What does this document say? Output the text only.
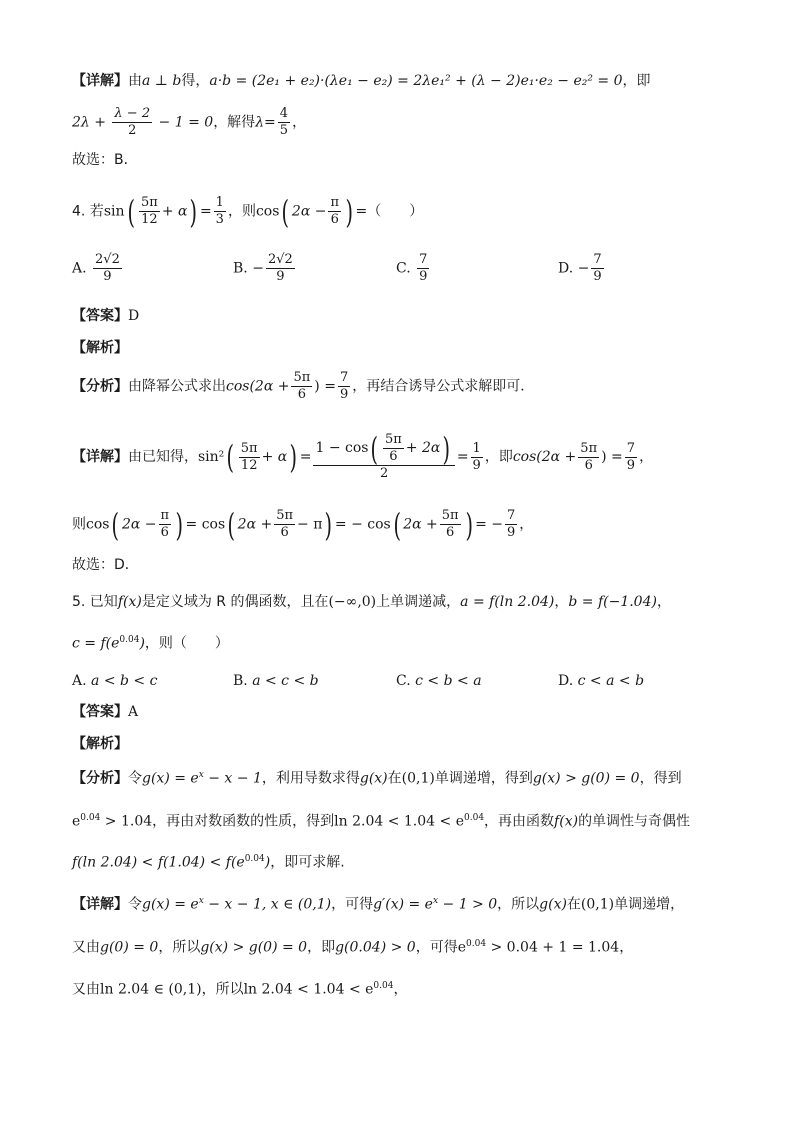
【详解】由a ⊥ b得，a·b = (2e₁ + e₂)·(λe₁ − e₂) = 2λe₁² + (λ − 2)e₁·e₂ − e₂² = 0，即
$2\lambda + \frac{\lambda - 2}{2} - 1 = 0$，解得$\lambda= \frac{4}{5}$ ，
故选：B．
4. 若$\sin( \frac{5\pi}{12} + \alpha) = \frac{1}{3}$ ，则cos( $2\alpha - \frac{\pi}{6}$ ) =（　　）
A. $\frac{2√2}{9}$	B. − $\frac{2√2}{9}$	C. $\frac{7}{9}$	D. − $\frac{7}{9}$
【答案】D
【解析】
【分析】由降幂公式求出$\cos(2\alpha + \frac{5\pi}{6}$ ) = $\frac{7}{9}$ ，再结合诱导公式求解即可．
【详解】由已知得，$\sin^2( \frac{5\pi}{12} + \alpha) = \frac{1 - \cos( \frac{5\pi}{6} + 2\alpha)}{2} = \frac{1}{9}$ ，即$\cos(2\alpha + \frac{5\pi}{6}$ ) = $\frac{7}{9}$ ，
则cos( $2\alpha - \frac{\pi}{6}$ ) = cos( $2\alpha + \frac{5\pi}{6} - \pi$) = − cos( $2\alpha + \frac{5\pi}{6}$ ) = − $\frac{7}{9}$ ，
故选：D．
5. 已知f(x)是定义域为 R 的偶函数，且在(−∞,0)上单调递减，a = f(ln 2.04)，b = f(−1.04)，
$c = f(e^{0.04})$，则（　　）
A. a < b < c	B. a < c < b	C. c < b < a	D. c < a < b
【答案】A
【解析】
【分析】令$g(x) = e^x - x - 1$，利用导数求得g(x)在(0,1)单调递增，得到g(x) > g(0) = 0，得到
$e^{0.04} > 1.04$，再由对数函数的性质，得到$\ln 2.04 < 1.04 < e^{0.04}$，再由函数f(x)的单调性与奇偶性
f(ln $2.04) < f(1.04) < f(e^{0.04})$，即可求解.
【详解】令$g(x) = e^x - x - 1$, x ∈ (0,1)，可得$g'(x) = e^x - 1 > 0$，所以g(x)在(0,1)单调递增，
又由g(0) = 0，所以g(x) > g(0) = 0，即g(0.04) > 0，可得$e^{0.04} > 0.04 + 1 = 1.04$，
又由ln 2.04 ∈ (0,1)，所以$\ln 2.04 < 1.04 < e^{0.04}$，
